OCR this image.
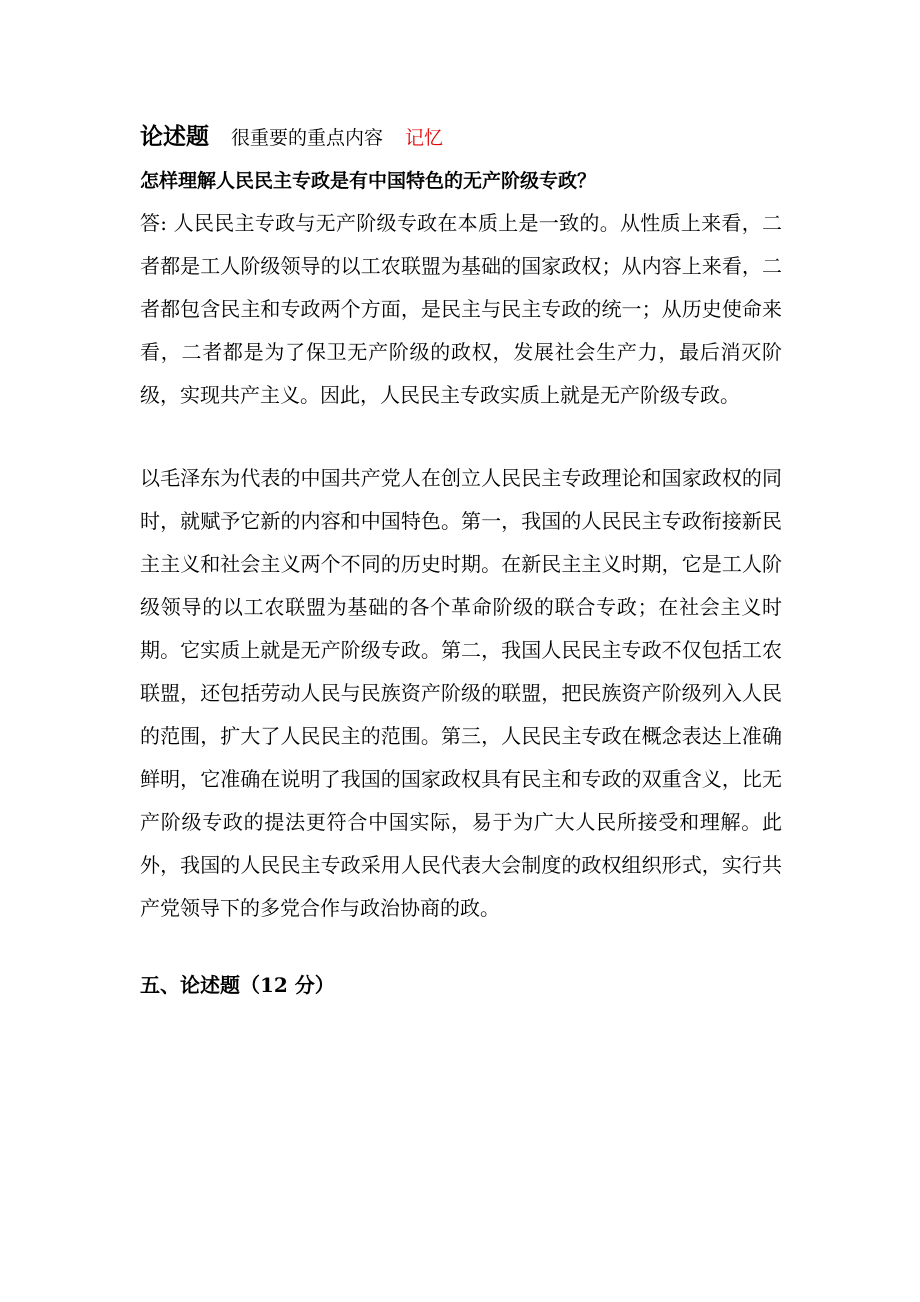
论述题 很重要的重点内容 记忆
怎样理解人民民主专政是有中国特色的无产阶级专政？

答: 人民民主专政与无产阶级专政在本质上是一致的。从性质上来看，二者都是工人阶级领导的以工农联盟为基础的国家政权；从内容上来看，二者都包含民主和专政两个方面，是民主与民主专政的统一；从历史使命来看，二者都是为了保卫无产阶级的政权，发展社会生产力，最后消灭阶级，实现共产主义。因此，人民民主专政实质上就是无产阶级专政。

以毛泽东为代表的中国共产党人在创立人民民主专政理论和国家政权的同时，就赋予它新的内容和中国特色。第一，我国的人民民主专政衔接新民主主义和社会主义两个不同的历史时期。在新民主主义时期，它是工人阶级领导的以工农联盟为基础的各个革命阶级的联合专政；在社会主义时期。它实质上就是无产阶级专政。第二，我国人民民主专政不仅包括工农联盟，还包括劳动人民与民族资产阶级的联盟，把民族资产阶级列入人民的范围，扩大了人民民主的范围。第三，人民民主专政在概念表达上准确鲜明，它准确在说明了我国的国家政权具有民主和专政的双重含义，比无产阶级专政的提法更符合中国实际，易于为广大人民所接受和理解。此外，我国的人民民主专政采用人民代表大会制度的政权组织形式，实行共产党领导下的多党合作与政治协商的政。

五、论述题（12 分）
